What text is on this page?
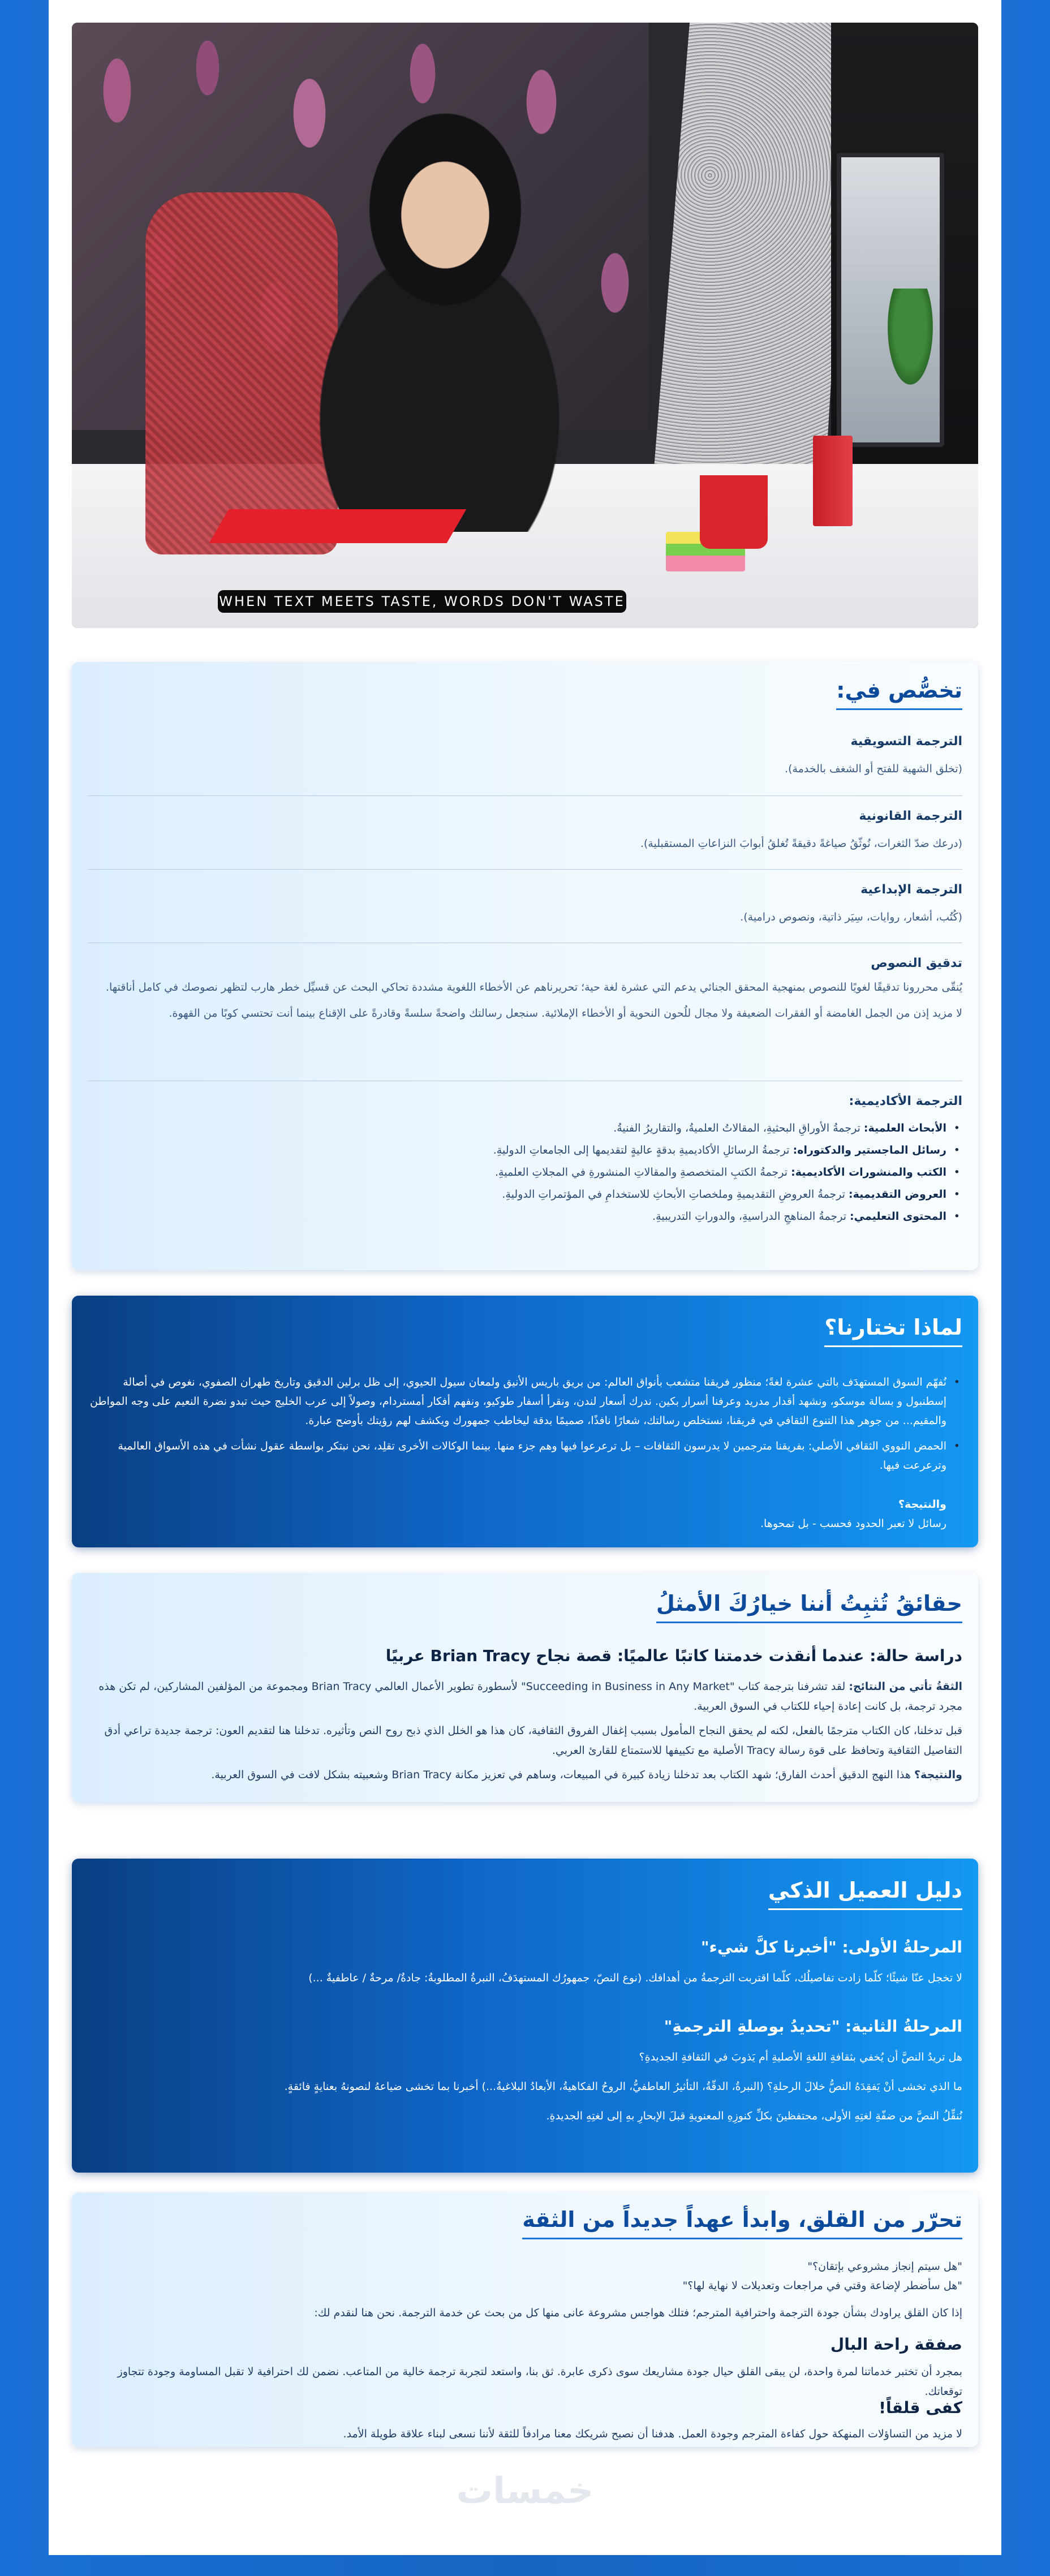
WHEN TEXT MEETS TASTE, WORDS DON'T WASTE
تخصُّص في:
الترجمة التسويقية
(تخلق الشهية للفتح أو الشغف بالخدمة).
الترجمة القانونية
(درعك ضدّ الثغرات، نُوثّقُ صياغةً دقيقةً تُغلقُ أبوابَ النزاعاتِ المستقبلية).
الترجمة الإبداعية
(كُتُب، أشعار، روايات، سِيَر ذاتية، ونصوص درامية).
تدقيق النصوص
يُنقّى محررونا تدقيقًا لغويًا للنصوص بمنهجية المحقق الجنائي يدعم التي عشرة لغة حية؛ تحريرناهم عن الأخطاء اللغوية مشددة تحاكي البحث عن قسيِّل خطر هارب لتظهر نصوصك في كامل أناقتها.
لا مزيد إذن من الجمل الغامضة أو الفقرات الضعيفة ولا مجال للُحون النحوية أو الأخطاء الإملائية. سنجعل رسالتك واضحةً سلسةً وقادرةً على الإقناع بينما أنت تحتسي كوبًا من القهوة.
الترجمة الأكاديمية:
• الأبحاث العلمية: ترجمةُ الأوراقِ البحثيةِ، المقالاتُ العلميةُ، والتقاريرُ الفنيةُ.
• رسائل الماجستير والدكتوراه: ترجمةُ الرسائلِ الأكاديميةِ بدقةٍ عاليةٍ لتقديمها إلى الجامعاتِ الدوليةِ.
• الكتب والمنشورات الأكاديمية: ترجمةُ الكتبِ المتخصصةِ والمقالاتِ المنشورةِ في المجلاتِ العلميةِ.
• العروض التقديمية: ترجمةُ العروضِ التقديميةِ وملخصاتِ الأبحاثِ للاستخدامِ في المؤتمراتِ الدوليةِ.
• المحتوى التعليمي: ترجمةُ المناهجِ الدراسيةِ، والدوراتِ التدريبيةِ.
لماذا تختارنا؟
• نُفهّم السوق المستهدَف بالتي عشرة لغةً؛ منظور فريقنا متشعب بأنواق العالم: من بريق باريس الأنيق ولمعان سيول الحيوي، إلى ظل برلين الدقيق وتاريخ طهران الصفوي، نغوص في أصالة إسطنبول و بسالة موسكو، ونشهد أقدار مدريد وعرفنا أسرار بكين. ندرك أسعار لندن، ونقرأ أسفار طوكيو، ونفهم أفكار أمستردام، وصولاً إلى عرب الخليج حيث تبدو نضرة النعيم على وجه المواطن والمقيم... من جوهر هذا التنوع الثقافي في فريقنا، نستخلص رسالتك، شعارًا نافذًا، صميمًا بدقة ليخاطب جمهورك ويكشف لهم رؤيتك بأوضح عبارة.
• الحمض النووي الثقافي الأصلي: بفريقنا مترجمين لا يدرسون الثقافات – بل ترعرعوا فيها وهم جزء منها. بينما الوكالات الأخرى تقلِد، نحن نبتكر بواسطة عقول نشأت في هذه الأسواق العالمية وترعرعت فيها.
والنتيجة؟
رسائل لا تعبر الحدود فحسب - بل تمحوها.
حقائقُ تُثبِتُ أننا خيارُكَ الأمثلُ
دراسة حالة: عندما أنقذت خدمتنا كاتبًا عالميًا: قصة نجاح Brian Tracy عربيًا
الثقةُ تأتي من النتائج: لقد تشرفنا بترجمة كتاب "Succeeding in Business in Any Market" لأسطورة تطوير الأعمال العالمي Brian Tracy ومجموعة من المؤلفين المشاركين، لم تكن هذه مجرد ترجمة، بل كانت إعادة إحياء للكتاب في السوق العربية.
قبل تدخلنا، كان الكتاب مترجمًا بالفعل، لكنه لم يحقق النجاح المأمول بسبب إغفال الفروق الثقافية، كان هذا هو الخلل الذي ذبح روح النص وتأثيره. تدخلنا هنا لتقديم العون: ترجمة جديدة تراعي أدق التفاصيل الثقافية وتحافظ على قوة رسالة Tracy الأصلية مع تكييفها للاستمتاع للقارئ العربي.
والنتيجة؟ هذا النهج الدقيق أحدث الفارق؛ شهد الكتاب بعد تدخلنا زيادة كبيرة في المبيعات، وساهم في تعزيز مكانة Brian Tracy وشعبيته بشكل لافت في السوق العربية.
دليل العميل الذكي
المرحلةُ الأولى: "أخبرنا كلَّ شيء"
لا تخجل عنّا شيئًا؛ كلّما زادت تفاصيلُك، كلّما اقتربت الترجمةُ من أهدافك. (نوع النصّ، جمهورُك المستهدَفُ، النبرةُ المطلوبةُ: جادةٌ/ مرحةٌ / عاطفيةٌ ...)
المرحلةُ الثانية: "تحديدُ بوصلةِ الترجمةِ"
هل تريدُ النصَّ أن يُخفي بثقافةِ اللغةِ الأصليةِ أم يَذوبَ في الثقافةِ الجديدةِ؟
ما الذي تخشى أنْ يَفقِدَهُ النصُّ خلالَ الرحلةِ؟ (النبرةُ، الدقّةُ، التأثيرُ العاطفيُّ، الروحُ الفكاهيةُ، الأبعادُ البلاغيةُ...) أخبرنا بما تخشى ضياعهُ لنصونهُ بعنايةٍ فائقةٍ.
نُنقِّلُ النصَّ من ضفّةِ لغتِهِ الأولى، محتفظينَ بكلِّ كنوزِهِ المعنويةِ قبلَ الإبحارِ بهِ إلى لغتِهِ الجديدةِ.
تحرّر من القلق، وابدأ عهداً جديداً من الثقة
"هل سيتم إنجاز مشروعي بإتقان؟"
"هل سأضطر لإضاعة وقتي في مراجعات وتعديلات لا نهاية لها؟"
إذا كان القلق يراودك بشأن جودة الترجمة واحترافية المترجم؛ فتلك هواجس مشروعة عانى منها كل من بحث عن خدمة الترجمة. نحن هنا لنقدم لك:
صفقة راحة البال
بمجرد أن تختبر خدماتنا لمرة واحدة، لن يبقى القلق حيال جودة مشاريعك سوى ذكرى عابرة. ثق بنا، واستعد لتجربة ترجمة خالية من المتاعب. نضمن لك احترافية لا تقبل المساومة وجودة تتجاوز توقعاتك.
كفى قلقاً!
لا مزيد من التساؤلات المنهكة حول كفاءة المترجم وجودة العمل. هدفنا أن نصبح شريكك معنا مرادفاً للثقة لأننا نسعى لبناء علاقة طويلة الأمد.
خمسات
